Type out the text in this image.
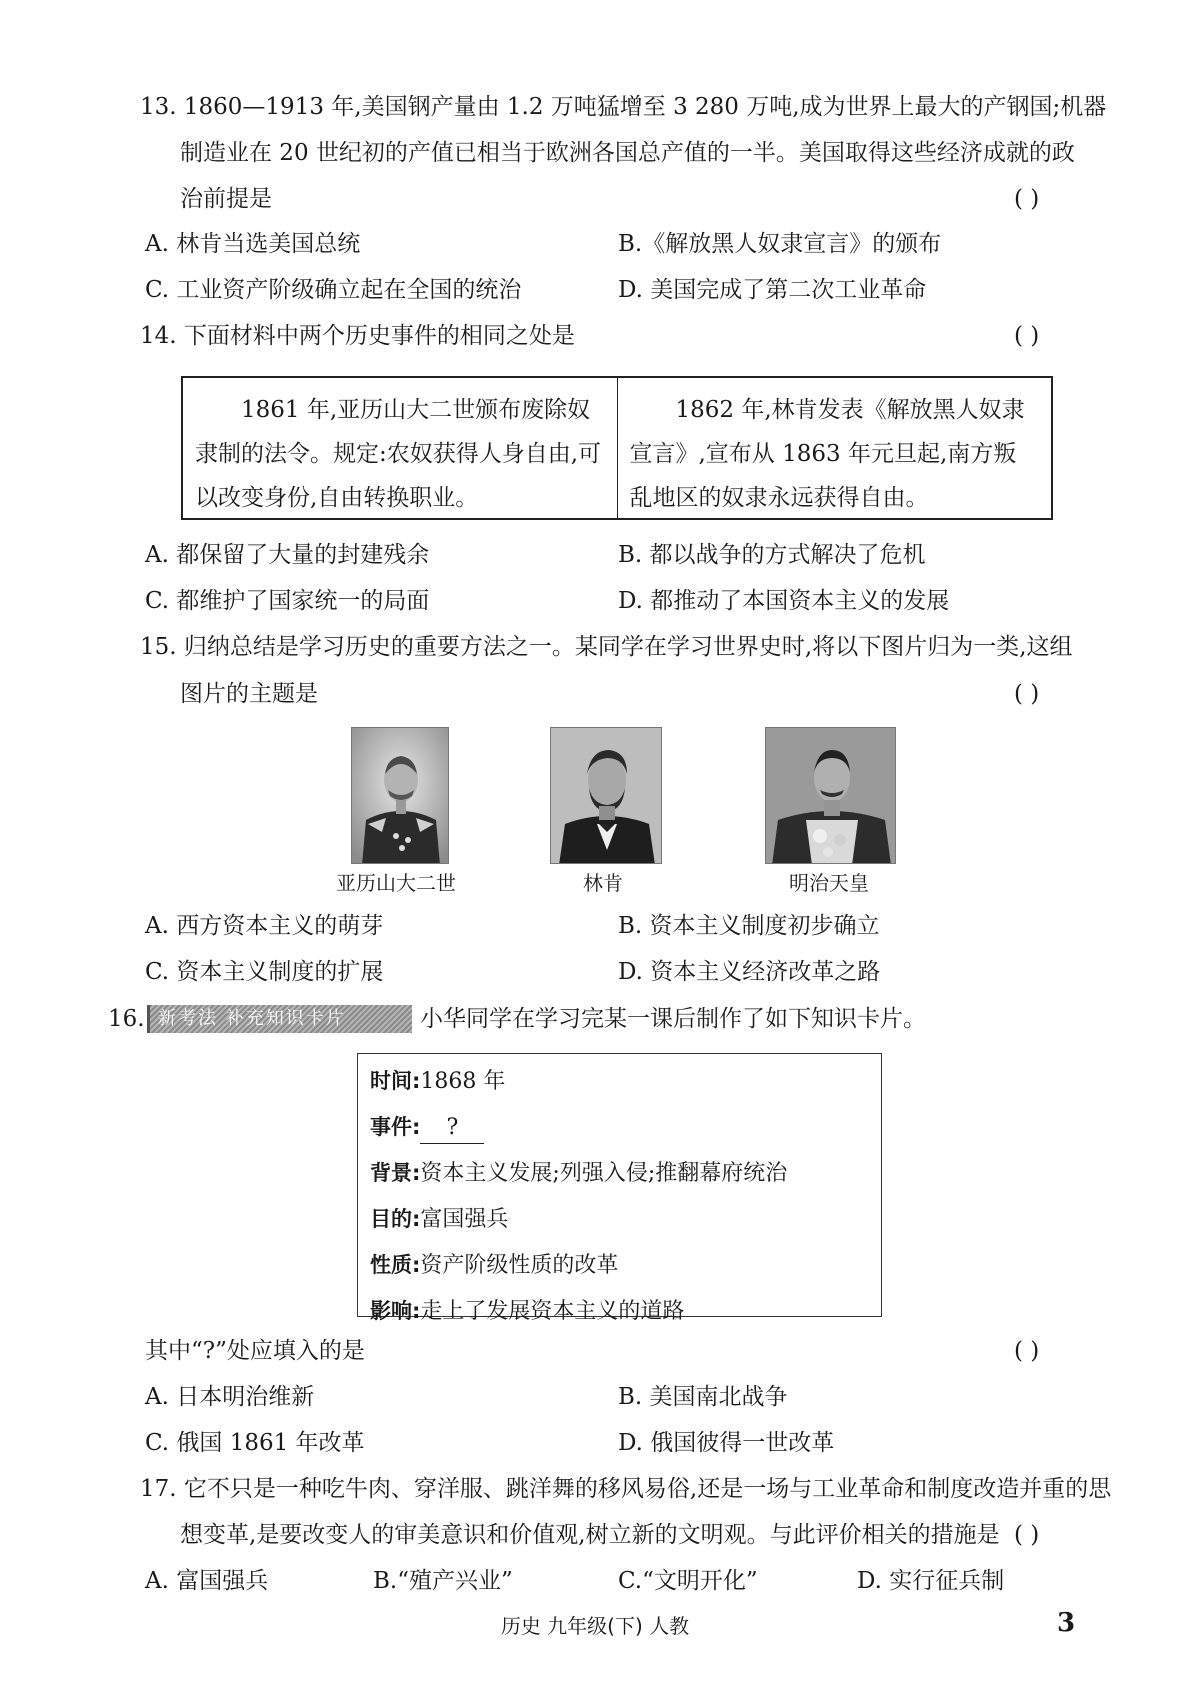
13. 1860—1913 年,美国钢产量由 1.2 万吨猛增至 3 280 万吨,成为世界上最大的产钢国;机器
制造业在 20 世纪初的产值已相当于欧洲各国总产值的一半。美国取得这些经济成就的政
治前提是	( )
A. 林肯当选美国总统	B.《解放黑人奴隶宣言》的颁布
C. 工业资产阶级确立起在全国的统治	D. 美国完成了第二次工业革命
14. 下面材料中两个历史事件的相同之处是	( )

1861 年,亚历山大二世颁布废除奴隶制的法令。规定:农奴获得人身自由,可以改变身份,自由转换职业。

1862 年,林肯发表《解放黑人奴隶宣言》,宣布从 1863 年元旦起,南方叛乱地区的奴隶永远获得自由。

A. 都保留了大量的封建残余	B. 都以战争的方式解决了危机
C. 都维护了国家统一的局面	D. 都推动了本国资本主义的发展
15. 归纳总结是学习历史的重要方法之一。某同学在学习世界史时,将以下图片归为一类,这组
图片的主题是	( )
亚历山大二世	林肯	明治天皇
A. 西方资本主义的萌芽	B. 资本主义制度初步确立
C. 资本主义制度的扩展	D. 资本主义经济改革之路
16. 新考法 补充知识卡片	小华同学在学习完某一课后制作了如下知识卡片。
时间:1868 年
事件: ?
背景:资本主义发展;列强入侵;推翻幕府统治
目的:富国强兵
性质:资产阶级性质的改革
影响:走上了发展资本主义的道路
其中“?”处应填入的是	( )
A. 日本明治维新	B. 美国南北战争
C. 俄国 1861 年改革	D. 俄国彼得一世改革
17. 它不只是一种吃牛肉、穿洋服、跳洋舞的移风易俗,还是一场与工业革命和制度改造并重的思
想变革,是要改变人的审美意识和价值观,树立新的文明观。与此评价相关的措施是 ( )
A. 富国强兵	B.“殖产兴业”	C.“文明开化”	D. 实行征兵制
历史 九年级(下) 人教	3
